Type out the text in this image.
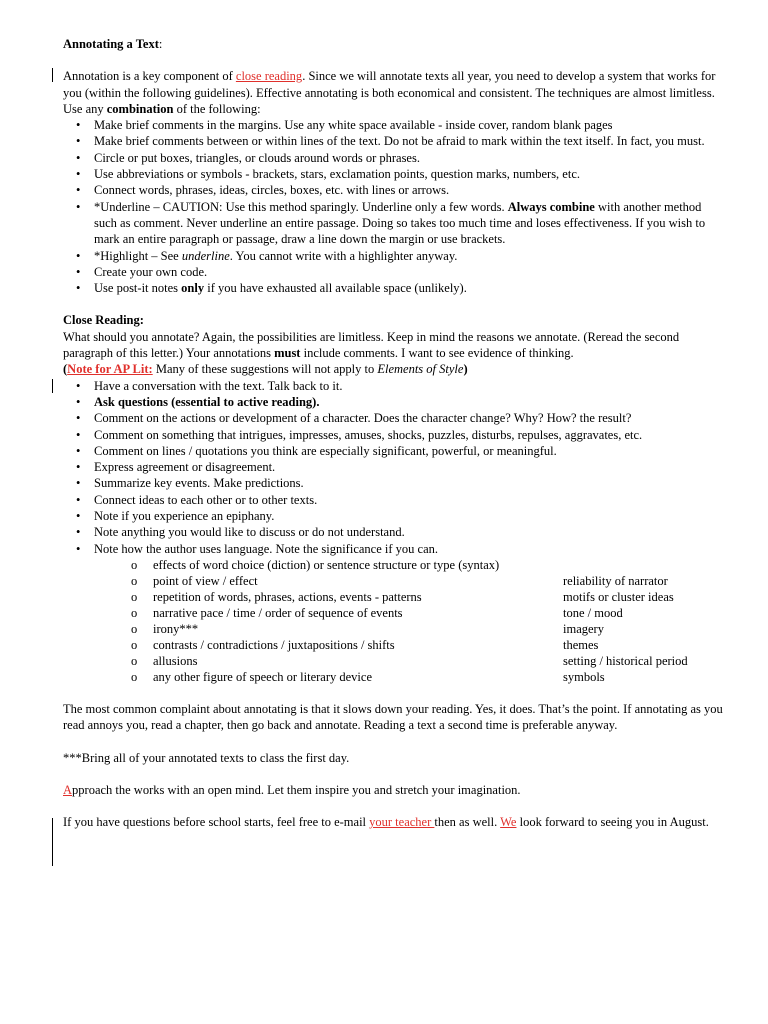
Annotating a Text:

Annotation is a key component of close reading. Since we will annotate texts all year, you need to develop a system that works for you (within the following guidelines). Effective annotating is both economical and consistent. The techniques are almost limitless. Use any combination of the following:

• Make brief comments in the margins. Use any white space available - inside cover, random blank pages
• Make brief comments between or within lines of the text. Do not be afraid to mark within the text itself. In fact, you must.
• Circle or put boxes, triangles, or clouds around words or phrases.
• Use abbreviations or symbols - brackets, stars, exclamation points, question marks, numbers, etc.
• Connect words, phrases, ideas, circles, boxes, etc. with lines or arrows.
• *Underline – CAUTION: Use this method sparingly. Underline only a few words. Always combine with another method such as comment. Never underline an entire passage. Doing so takes too much time and loses effectiveness. If you wish to mark an entire paragraph or passage, draw a line down the margin or use brackets.
• *Highlight – See underline. You cannot write with a highlighter anyway.
• Create your own code.
• Use post-it notes only if you have exhausted all available space (unlikely).

Close Reading:

What should you annotate? Again, the possibilities are limitless. Keep in mind the reasons we annotate. (Reread the second paragraph of this letter.) Your annotations must include comments. I want to see evidence of thinking.

(Note for AP Lit: Many of these suggestions will not apply to Elements of Style)

• Have a conversation with the text. Talk back to it.
• Ask questions (essential to active reading).
• Comment on the actions or development of a character. Does the character change? Why? How? the result?
• Comment on something that intrigues, impresses, amuses, shocks, puzzles, disturbs, repulses, aggravates, etc.
• Comment on lines / quotations you think are especially significant, powerful, or meaningful.
• Express agreement or disagreement.
• Summarize key events. Make predictions.
• Connect ideas to each other or to other texts.
• Note if you experience an epiphany.
• Note anything you would like to discuss or do not understand.
• Note how the author uses language. Note the significance if you can.
o effects of word choice (diction) or sentence structure or type (syntax)
o point of view / effect	reliability of narrator
o repetition of words, phrases, actions, events - patterns	motifs or cluster ideas
o narrative pace / time / order of sequence of events	tone / mood
o irony***	imagery
o contrasts / contradictions / juxtapositions / shifts	themes
o allusions	setting / historical period
o any other figure of speech or literary device	symbols

The most common complaint about annotating is that it slows down your reading. Yes, it does. That’s the point. If annotating as you read annoys you, read a chapter, then go back and annotate. Reading a text a second time is preferable anyway.

***Bring all of your annotated texts to class the first day.

Approach the works with an open mind. Let them inspire you and stretch your imagination.

If you have questions before school starts, feel free to e-mail your teacher then as well. We look forward to seeing you in August.
